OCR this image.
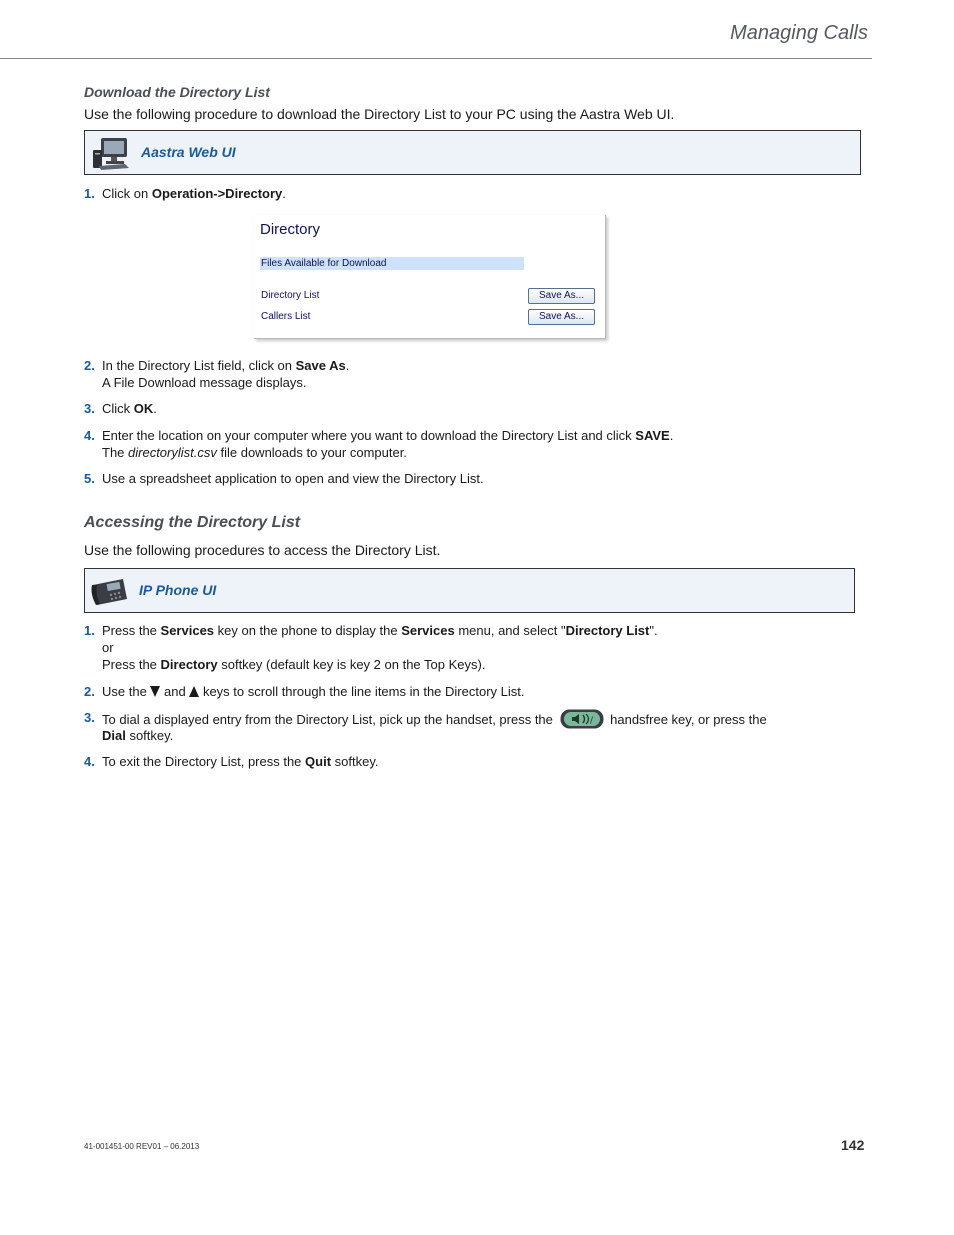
Managing Calls
Download the Directory List
Use the following procedure to download the Directory List to your PC using the Aastra Web UI.
Aastra Web UI
1. Click on Operation->Directory.
Directory
Files Available for Download
Directory List	Save As...
Callers List	Save As...
2. In the Directory List field, click on Save As.
A File Download message displays.
3. Click OK.
4. Enter the location on your computer where you want to download the Directory List and click SAVE.
The directorylist.csv file downloads to your computer.
5. Use a spreadsheet application to open and view the Directory List.
Accessing the Directory List
Use the following procedures to access the Directory List.
IP Phone UI
1. Press the Services key on the phone to display the Services menu, and select "Directory List".
or
Press the Directory softkey (default key is key 2 on the Top Keys).
2. Use the  and  keys to scroll through the line items in the Directory List.
3. To dial a displayed entry from the Directory List, pick up the handset, press the	/ handsfree key, or press the
Dial softkey.
4. To exit the Directory List, press the Quit softkey.
41-001451-00 REV01 – 06.2013	142
